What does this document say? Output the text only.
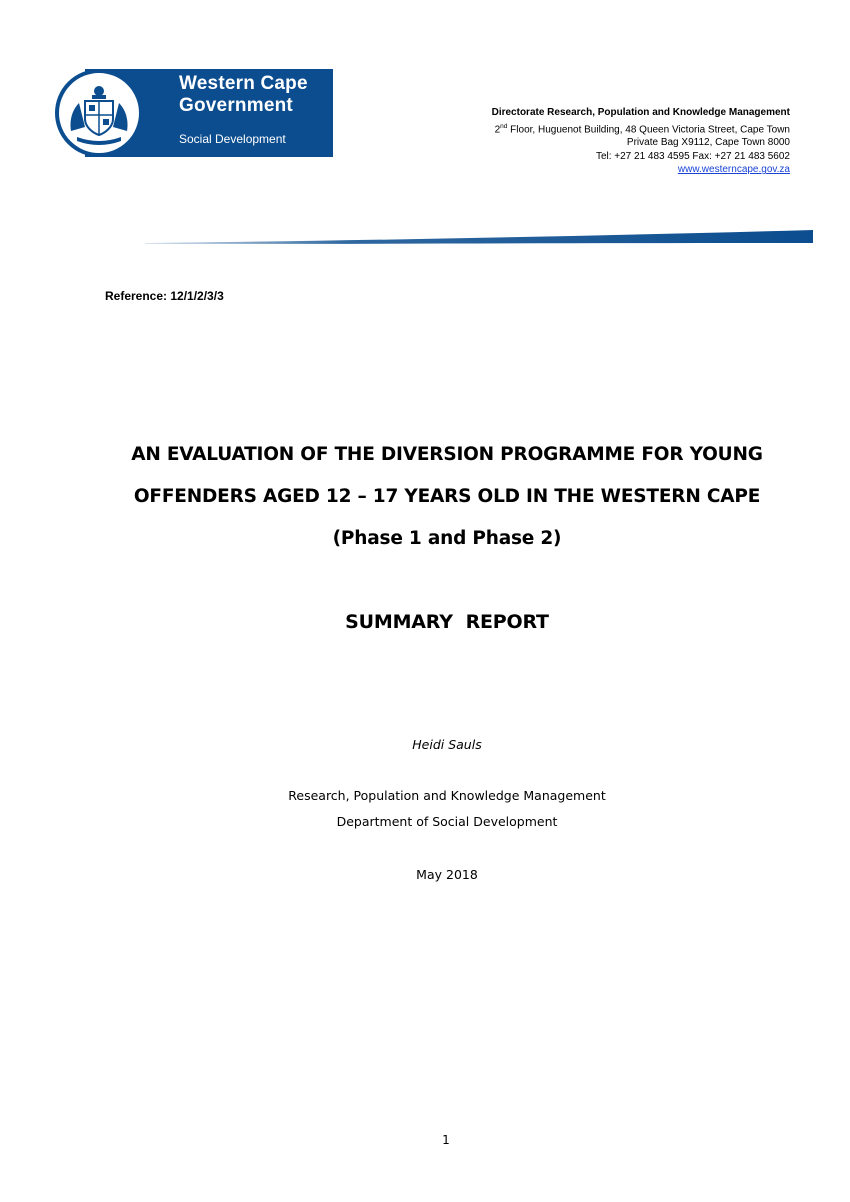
Western Cape
Government
Social Development
Directorate Research, Population and Knowledge Management
2nd Floor, Huguenot Building, 48 Queen Victoria Street, Cape Town
Private Bag X9112, Cape Town 8000
Tel: +27 21 483 4595 Fax: +27 21 483 5602
www.westerncape.gov.za
Reference: 12/1/2/3/3
AN EVALUATION OF THE DIVERSION PROGRAMME FOR YOUNG
OFFENDERS AGED 12 – 17 YEARS OLD IN THE WESTERN CAPE
(Phase 1 and Phase 2)
SUMMARY  REPORT
Heidi Sauls
Research, Population and Knowledge Management
Department of Social Development
May 2018
1
